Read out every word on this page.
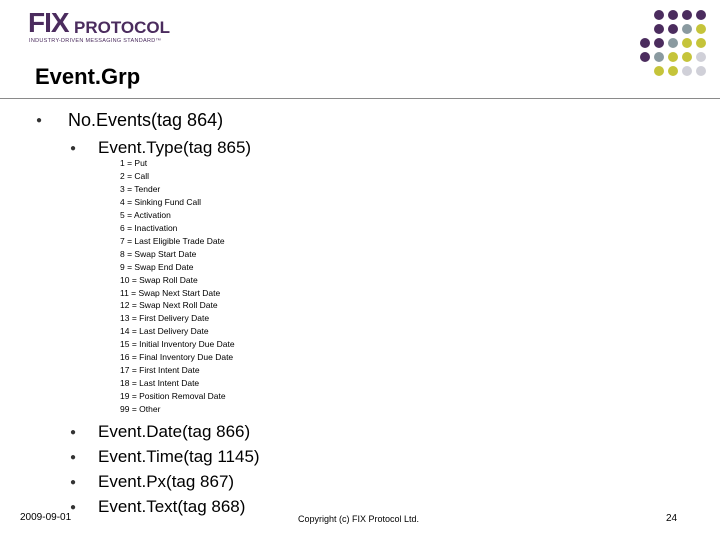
FIX PROTOCOL
INDUSTRY-DRIVEN MESSAGING STANDARD™
Event.Grp
● No.Events(tag 864)
● Event.Type(tag 865)
1 = Put
2 = Call
3 = Tender
4 = Sinking Fund Call
5 = Activation
6 = Inactivation
7 = Last Eligible Trade Date
8 = Swap Start Date
9 = Swap End Date
10 = Swap Roll Date
11 = Swap Next Start Date
12 = Swap Next Roll Date
13 = First Delivery Date
14 = Last Delivery Date
15 = Initial Inventory Due Date
16 = Final Inventory Due Date
17 = First Intent Date
18 = Last Intent Date
19 = Position Removal Date
99 = Other
● Event.Date(tag 866)
● Event.Time(tag 1145)
● Event.Px(tag 867)
● Event.Text(tag 868)
2009-09-01	Copyright (c) FIX Protocol Ltd.	24
